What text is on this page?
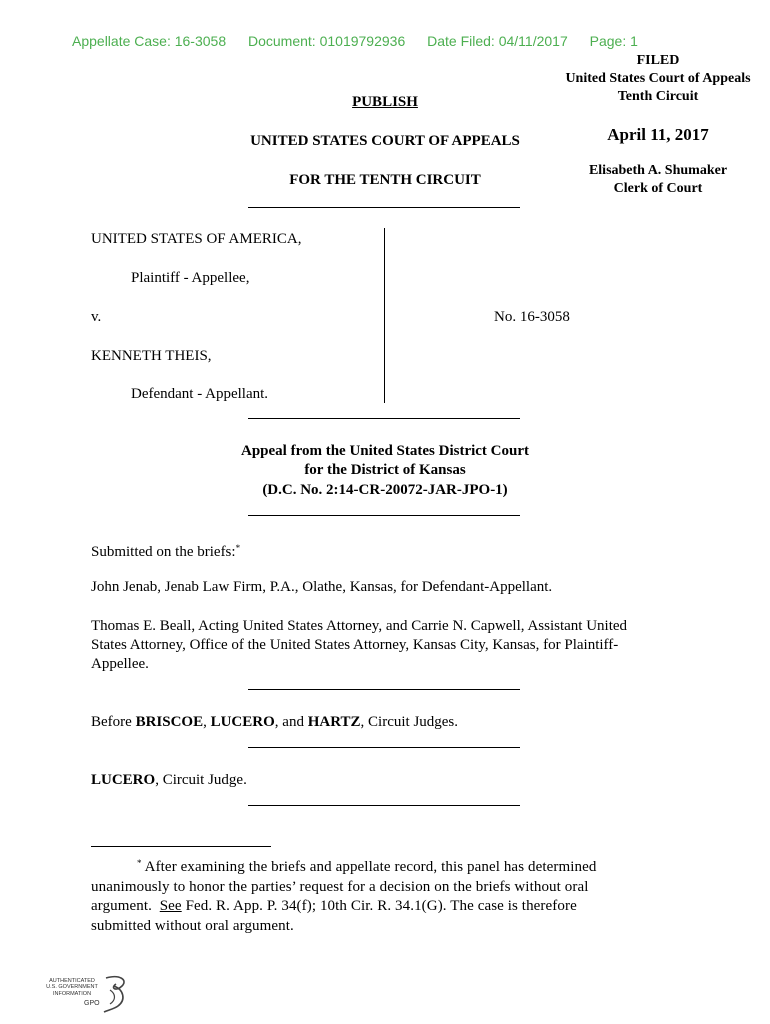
Appellate Case: 16-3058 Document: 01019792936 Date Filed: 04/11/2017 Page: 1
FILED
United States Court of Appeals
Tenth Circuit
April 11, 2017
Elisabeth A. Shumaker
Clerk of Court
PUBLISH
UNITED STATES COURT OF APPEALS
FOR THE TENTH CIRCUIT
UNITED STATES OF AMERICA,
Plaintiff - Appellee,
v.
KENNETH THEIS,
Defendant - Appellant.
No. 16-3058
Appeal from the United States District Court
for the District of Kansas
(D.C. No. 2:14-CR-20072-JAR-JPO-1)
Submitted on the briefs:*
John Jenab, Jenab Law Firm, P.A., Olathe, Kansas, for Defendant-Appellant.
Thomas E. Beall, Acting United States Attorney, and Carrie N. Capwell, Assistant United
States Attorney, Office of the United States Attorney, Kansas City, Kansas, for Plaintiff-
Appellee.
Before BRISCOE, LUCERO, and HARTZ, Circuit Judges.
LUCERO, Circuit Judge.
* After examining the briefs and appellate record, this panel has determined
unanimously to honor the parties’ request for a decision on the briefs without oral
argument. See Fed. R. App. P. 34(f); 10th Cir. R. 34.1(G). The case is therefore
submitted without oral argument.
AUTHENTICATED
U.S. GOVERNMENT
INFORMATION
GPO
